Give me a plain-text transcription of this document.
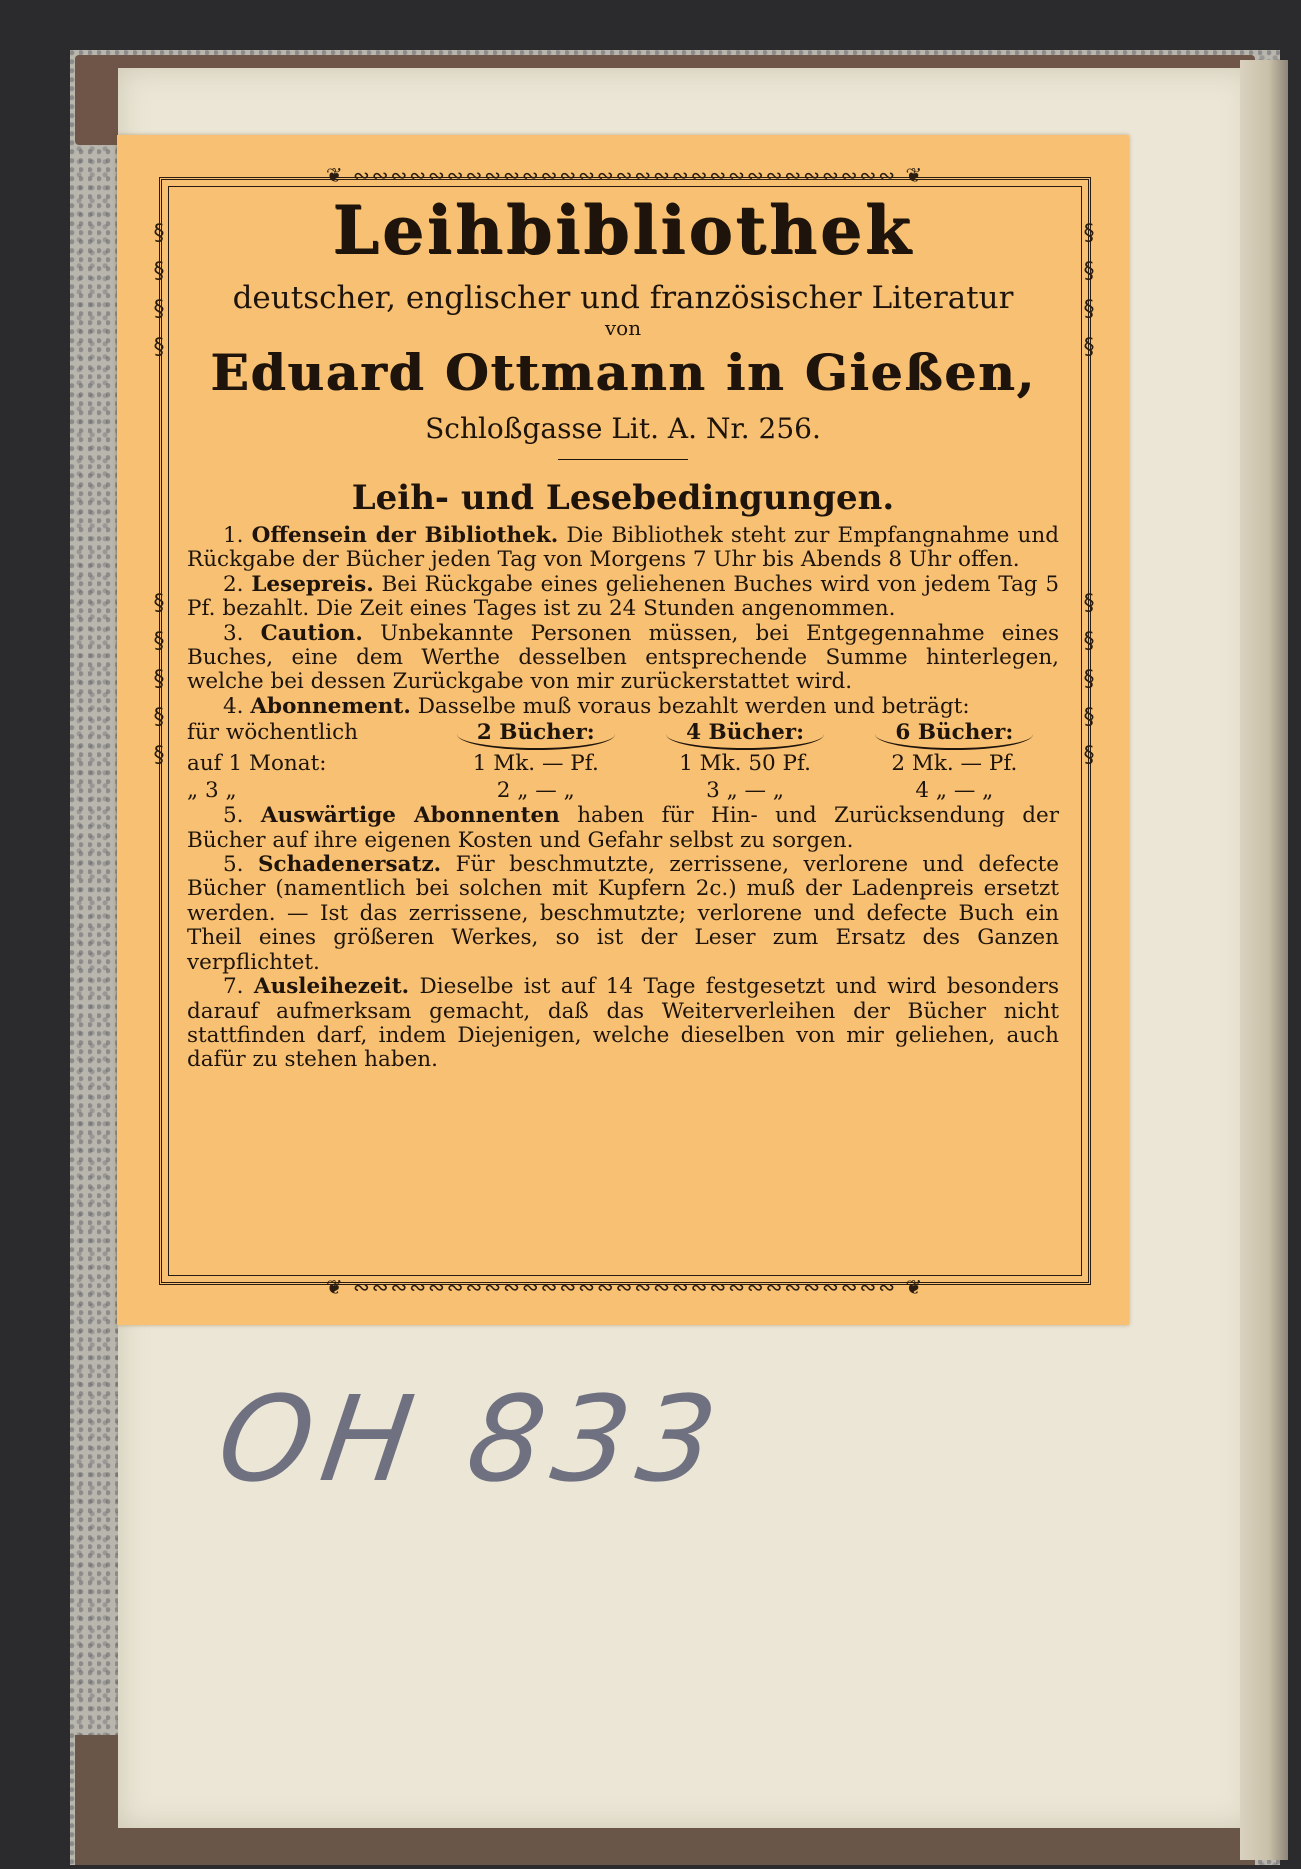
❦ ∾∾∾∾∾∾∾∾∾∾∾∾∾∾∾∾∾∾∾∾∾∾∾∾∾∾∾∾∾ ❦
❦ ∾∾∾∾∾∾∾∾∾∾∾∾∾∾∾∾∾∾∾∾∾∾∾∾∾∾∾∾∾ ❦
§
§
§
§
§
§
§
§
§
§
§
§
§
§
§
§
§
§
Leihbibliothek
deutscher, englischer und französischer Literatur
von
Eduard Ottmann in Gießen,
Schloßgasse Lit. A. Nr. 256.
Leih- und Lesebedingungen.

1. Offensein der Bibliothek. Die Bibliothek steht zur Empfangnahme und Rückgabe der Bücher jeden Tag von Morgens 7 Uhr bis Abends 8 Uhr offen.

2. Lesepreis. Bei Rückgabe eines geliehenen Buches wird von jedem Tag 5 Pf. bezahlt. Die Zeit eines Tages ist zu 24 Stunden angenommen.

3. Caution. Unbekannte Personen müssen, bei Entgegennahme eines Buches, eine dem Werthe desselben entsprechende Summe hinterlegen, welche bei dessen Zurückgabe von mir zurückerstattet wird.

4. Abonnement. Dasselbe muß voraus bezahlt werden und beträgt:

für wöchentlich	2 Bücher:	4 Bücher:	6 Bücher:
auf 1 Monat:	1 Mk. — Pf.	1 Mk. 50 Pf.	2 Mk. — Pf.
„ 3 „	2 „ — „	3 „ — „	4 „ — „

5. Auswärtige Abonnenten haben für Hin- und Zurücksendung der Bücher auf ihre eigenen Kosten und Gefahr selbst zu sorgen.

5. Schadenersatz. Für beschmutzte, zerrissene, verlorene und defecte Bücher (namentlich bei solchen mit Kupfern 2c.) muß der Ladenpreis ersetzt werden. — Ist das zerrissene, beschmutzte; verlorene und defecte Buch ein Theil eines größeren Werkes, so ist der Leser zum Ersatz des Ganzen verpflichtet.

7. Ausleihezeit. Dieselbe ist auf 14 Tage festgesetzt und wird besonders darauf aufmerksam gemacht, daß das Weiterverleihen der Bücher nicht stattfinden darf, indem Diejenigen, welche dieselben von mir geliehen, auch dafür zu stehen haben.

OH 833
